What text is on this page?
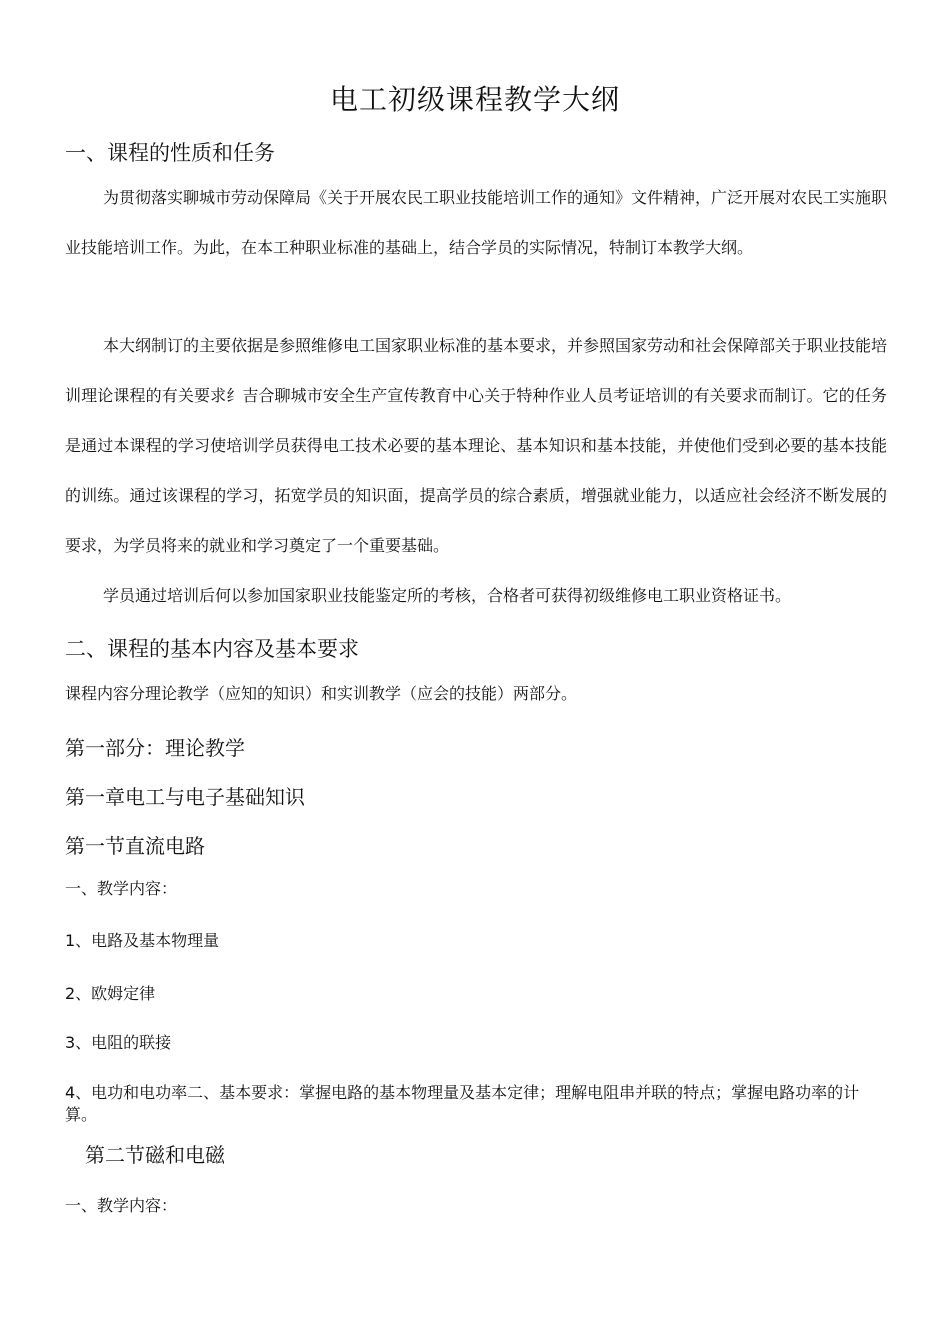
电工初级课程教学大纲
一、课程的性质和任务

为贯彻落实聊城市劳动保障局《关于开展农民工职业技能培训工作的通知》文件精神，广泛开展对农民工实施职业技能培训工作。为此，在本工种职业标准的基础上，结合学员的实际情况，特制订本教学大纲。

本大纲制订的主要依据是参照维修电工国家职业标准的基本要求，并参照国家劳动和社会保障部关于职业技能培训理论课程的有关要求纟吉合聊城市安全生产宣传教育中心关于特种作业人员考证培训的有关要求而制订。它的任务是通过本课程的学习使培训学员获得电工技术必要的基本理论、基本知识和基本技能，并使他们受到必要的基本技能的训练。通过该课程的学习，拓宽学员的知识面，提高学员的综合素质，增强就业能力，以适应社会经济不断发展的要求，为学员将来的就业和学习奠定了一个重要基础。

学员通过培训后何以参加国家职业技能鉴定所的考核，合格者可获得初级维修电工职业资格证书。

二、课程的基本内容及基本要求
课程内容分理论教学（应知的知识）和实训教学（应会的技能）两部分。
第一部分：理论教学
第一章电工与电子基础知识
第一节直流电路
一、教学内容：
1、电路及基本物理量
2、欧姆定律
3、电阻的联接
4、电功和电功率二、基本要求：掌握电路的基本物理量及基本定律；理解电阻串并联的特点；掌握电路功率的计算。
第二节磁和电磁
一、教学内容：
